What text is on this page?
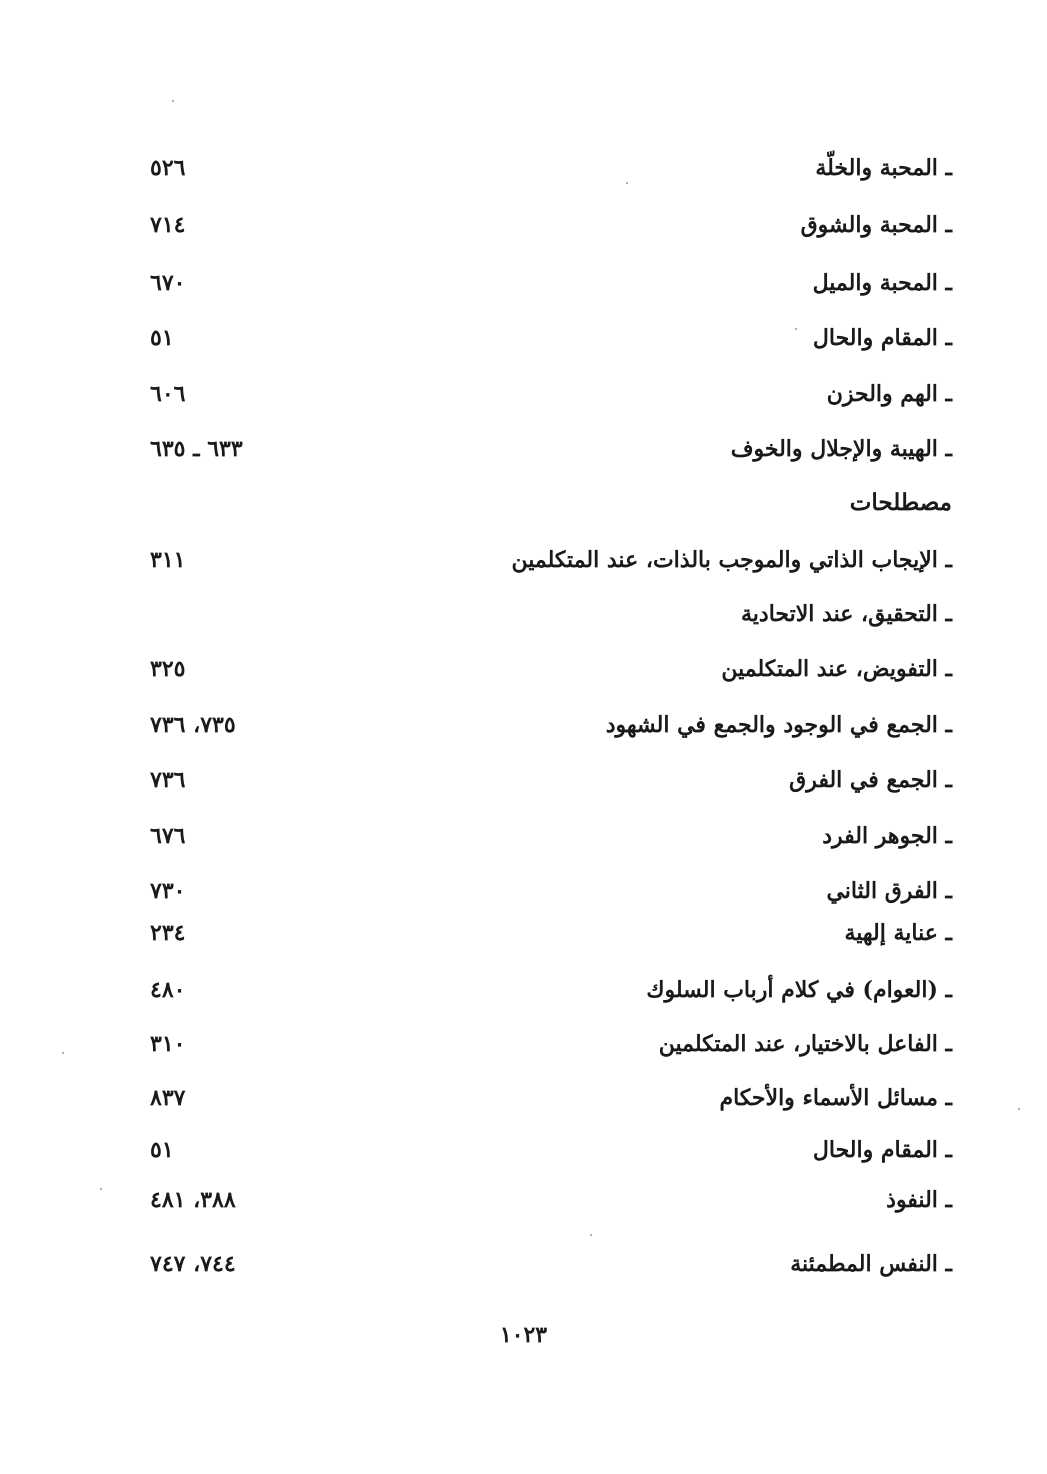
ـ المحبة والخلّة
٥٢٦
ـ المحبة والشوق
٧١٤
ـ المحبة والميل
٦٧٠
ـ المقام والحال
٥١
ـ الهم والحزن
٦٠٦
ـ الهيبة والإجلال والخوف
٦٣٣ ـ ٦٣٥
مصطلحات
ـ الإيجاب الذاتي والموجب بالذات، عند المتكلمين
٣١١
ـ التحقيق، عند الاتحادية
ـ التفويض، عند المتكلمين
٣٢٥
ـ الجمع في الوجود والجمع في الشهود
٧٣٥، ٧٣٦
ـ الجمع في الفرق
٧٣٦
ـ الجوهر الفرد
٦٧٦
ـ الفرق الثاني
٧٣٠
ـ عناية إلهية
٢٣٤
ـ (العوام) في كلام أرباب السلوك
٤٨٠
ـ الفاعل بالاختيار، عند المتكلمين
٣١٠
ـ مسائل الأسماء والأحكام
٨٣٧
ـ المقام والحال
٥١
ـ النفوذ
٣٨٨، ٤٨١
ـ النفس المطمئنة
٧٤٤، ٧٤٧
١٠٢٣
